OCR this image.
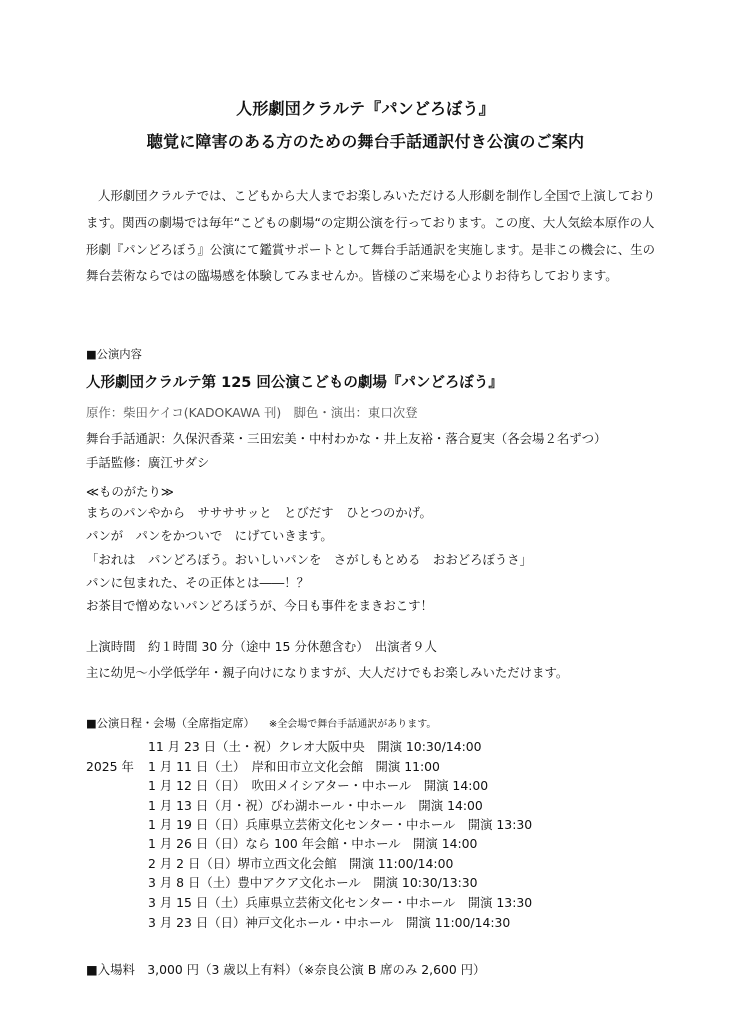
人形劇団クラルテ『パンどろぼう』
聴覚に障害のある方のための舞台手話通訳付き公演のご案内
人形劇団クラルテでは、こどもから大人までお楽しみいただける人形劇を制作し全国で上演しております。関西の劇場では毎年“こどもの劇場“の定期公演を行っております。この度、大人気絵本原作の人形劇『パンどろぼう』公演にて鑑賞サポートとして舞台手話通訳を実施します。是非この機会に、生の舞台芸術ならではの臨場感を体験してみませんか。皆様のご来場を心よりお待ちしております。
■公演内容
人形劇団クラルテ第 125 回公演こどもの劇場『パンどろぼう』
原作：柴田ケイコ(KADOKAWA 刊)　脚色・演出：東口次登
舞台手話通訳：久保沢香菜・三田宏美・中村わかな・井上友裕・落合夏実（各会場２名ずつ）
手話監修：廣江サダシ
≪ものがたり≫
まちのパンやから　ササササッと　とびだす　ひとつのかげ。
パンが　パンをかついで　にげていきます。
「おれは　パンどろぼう。おいしいパンを　さがしもとめる　おおどろぼうさ」
パンに包まれた、その正体とは――！？
お茶目で憎めないパンどろぼうが、今日も事件をまきおこす！
上演時間　約１時間 30 分（途中 15 分休憩含む）　出演者９人
主に幼児～小学低学年・親子向けになりますが、大人だけでもお楽しみいただけます。
■公演日程・会場（全席指定席） ※全会場で舞台手話通訳があります。
11 月 23 日（土・祝）クレオ大阪中央　開演 10:30/14:00
2025 年 1 月 11 日（土）　岸和田市立文化会館　開演 11:00
1 月 12 日（日）　吹田メイシアター・中ホール　開演 14:00
1 月 13 日（月・祝）びわ湖ホール・中ホール　開演 14:00
1 月 19 日（日）兵庫県立芸術文化センター・中ホール　開演 13:30
1 月 26 日（日）なら 100 年会館・中ホール　開演 14:00
2 月 2 日（日）堺市立西文化会館　開演 11:00/14:00
3 月 8 日（土）豊中アクア文化ホール　開演 10:30/13:30
3 月 15 日（土）兵庫県立芸術文化センター・中ホール　開演 13:30
3 月 23 日（日）神戸文化ホール・中ホール　開演 11:00/14:30
■入場料　3,000 円（3 歳以上有料）（※奈良公演 B 席のみ 2,600 円）
